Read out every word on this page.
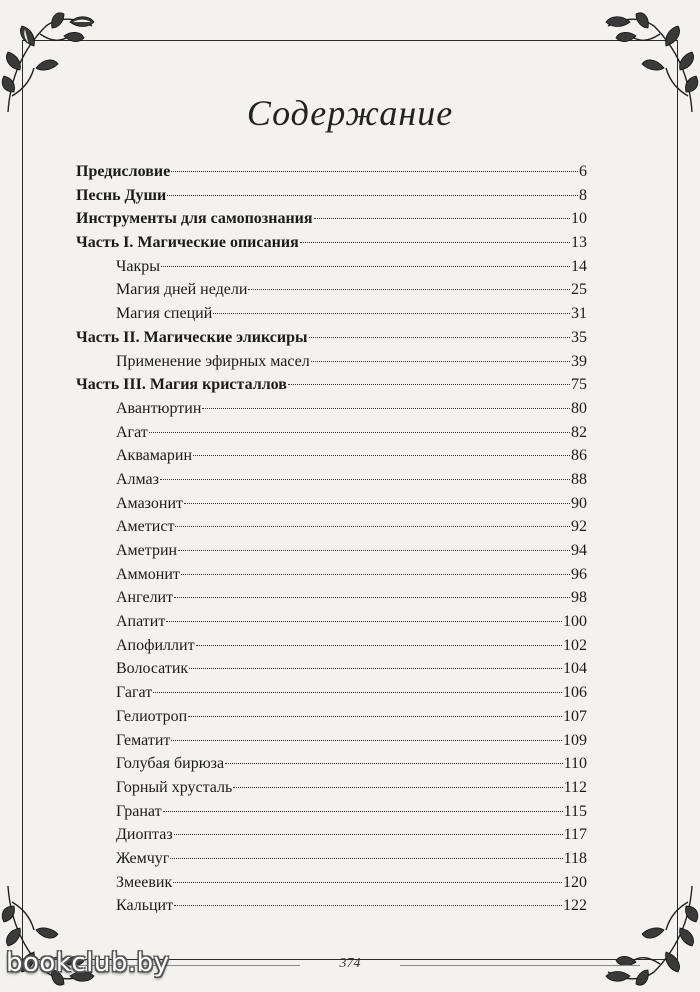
Содержание
Предисловие	6
Песнь Души	8
Инструменты для самопознания	10
Часть I. Магические описания	13
Чакры	14
Магия дней недели	25
Магия специй	31
Часть II. Магические эликсиры	35
Применение эфирных масел	39
Часть III. Магия кристаллов	75
Авантюртин	80
Агат	82
Аквамарин	86
Алмаз	88
Амазонит	90
Аметист	92
Аметрин	94
Аммонит	96
Ангелит	98
Апатит	100
Апофиллит	102
Волосатик	104
Гагат	106
Гелиотроп	107
Гематит	109
Голубая бирюза	110
Горный хрусталь	112
Гранат	115
Диоптаз	117
Жемчуг	118
Змеевик	120
Кальцит	122
374
bookclub.by
